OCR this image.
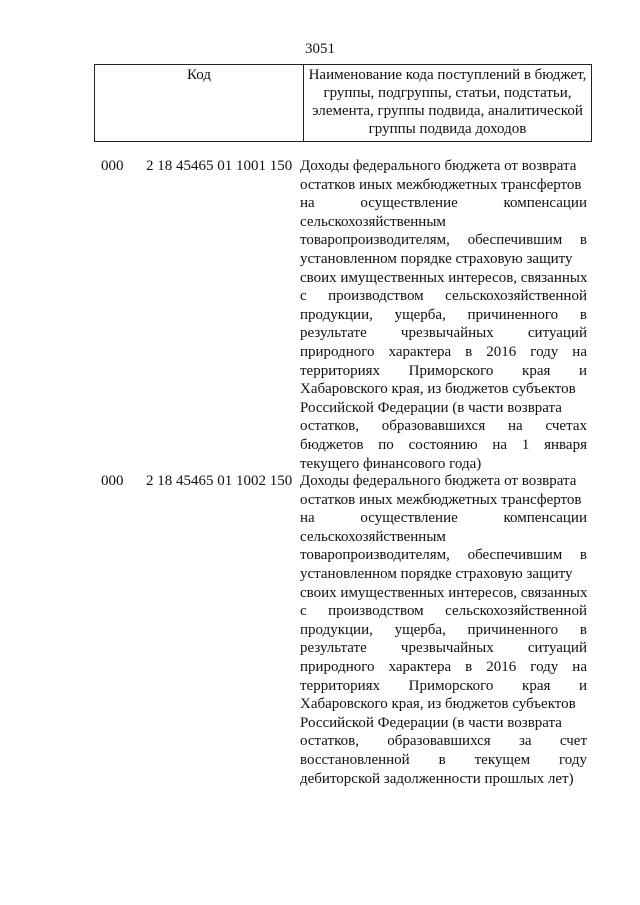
3051
Код	Наименование кода поступлений в бюджет,
группы, подгруппы, статьи, подстатьи,
элемента, группы подвида, аналитической
группы подвида доходов
000 2 18 45465 01 1001 150 Доходы федерального бюджета от возврата
остатков иных межбюджетных трансфертов
на осуществление компенсации
сельскохозяйственным
товаропроизводителям, обеспечившим в
установленном порядке страховую защиту
своих имущественных интересов, связанных
с производством сельскохозяйственной
продукции, ущерба, причиненного в
результате чрезвычайных ситуаций
природного характера в 2016 году на
территориях Приморского края и
Хабаровского края, из бюджетов субъектов
Российской Федерации (в части возврата
остатков, образовавшихся на счетах
бюджетов по состоянию на 1 января
текущего финансового года)
000 2 18 45465 01 1002 150 Доходы федерального бюджета от возврата
остатков иных межбюджетных трансфертов
на осуществление компенсации
сельскохозяйственным
товаропроизводителям, обеспечившим в
установленном порядке страховую защиту
своих имущественных интересов, связанных
с производством сельскохозяйственной
продукции, ущерба, причиненного в
результате чрезвычайных ситуаций
природного характера в 2016 году на
территориях Приморского края и
Хабаровского края, из бюджетов субъектов
Российской Федерации (в части возврата
остатков, образовавшихся за счет
восстановленной в текущем году
дебиторской задолженности прошлых лет)
